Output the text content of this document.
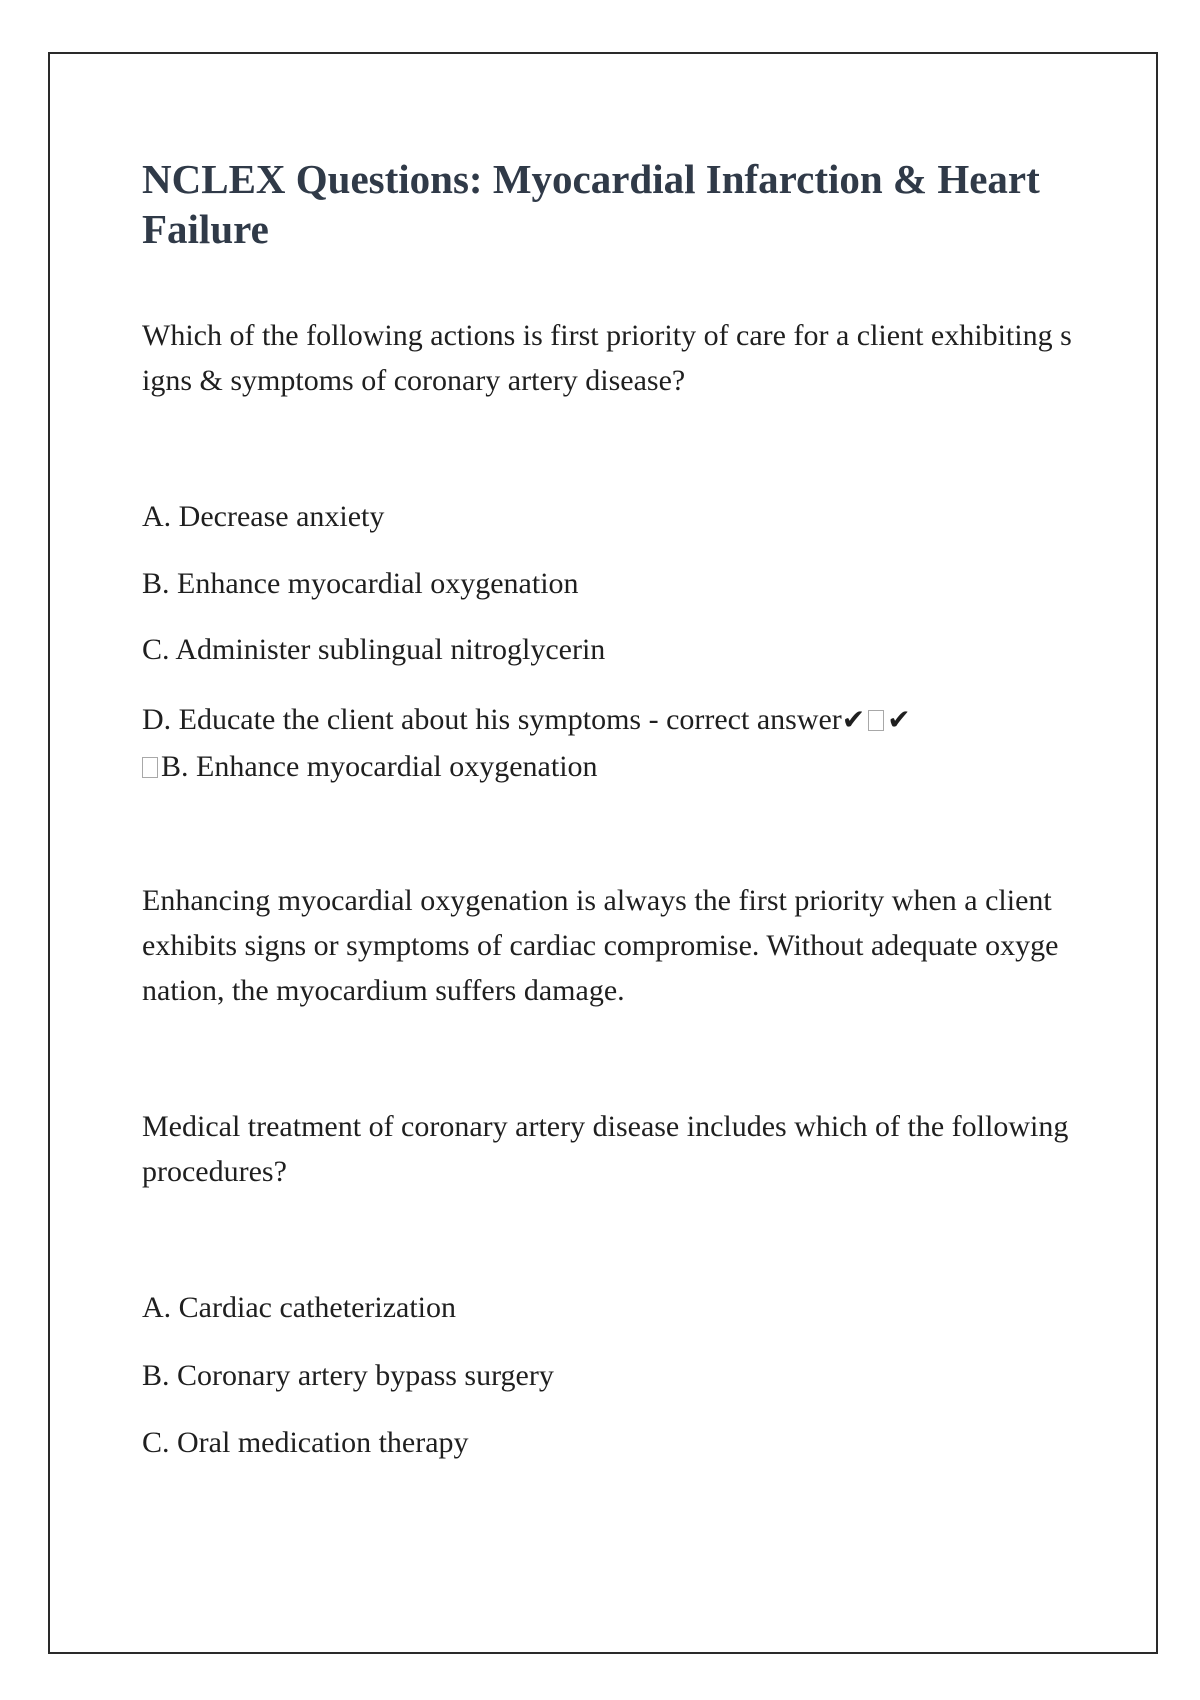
NCLEX Questions: Myocardial Infarction & Heart Failure
Which of the following actions is first priority of care for a client exhibiting signs & symptoms of coronary artery disease?
A. Decrease anxiety
B. Enhance myocardial oxygenation
C. Administer sublingual nitroglycerin
D. Educate the client about his symptoms - correct answer✔ ✔
B. Enhance myocardial oxygenation
Enhancing myocardial oxygenation is always the first priority when a client exhibits signs or symptoms of cardiac compromise. Without adequate oxygenation, the myocardium suffers damage.
Medical treatment of coronary artery disease includes which of the following procedures?
A. Cardiac catheterization
B. Coronary artery bypass surgery
C. Oral medication therapy
